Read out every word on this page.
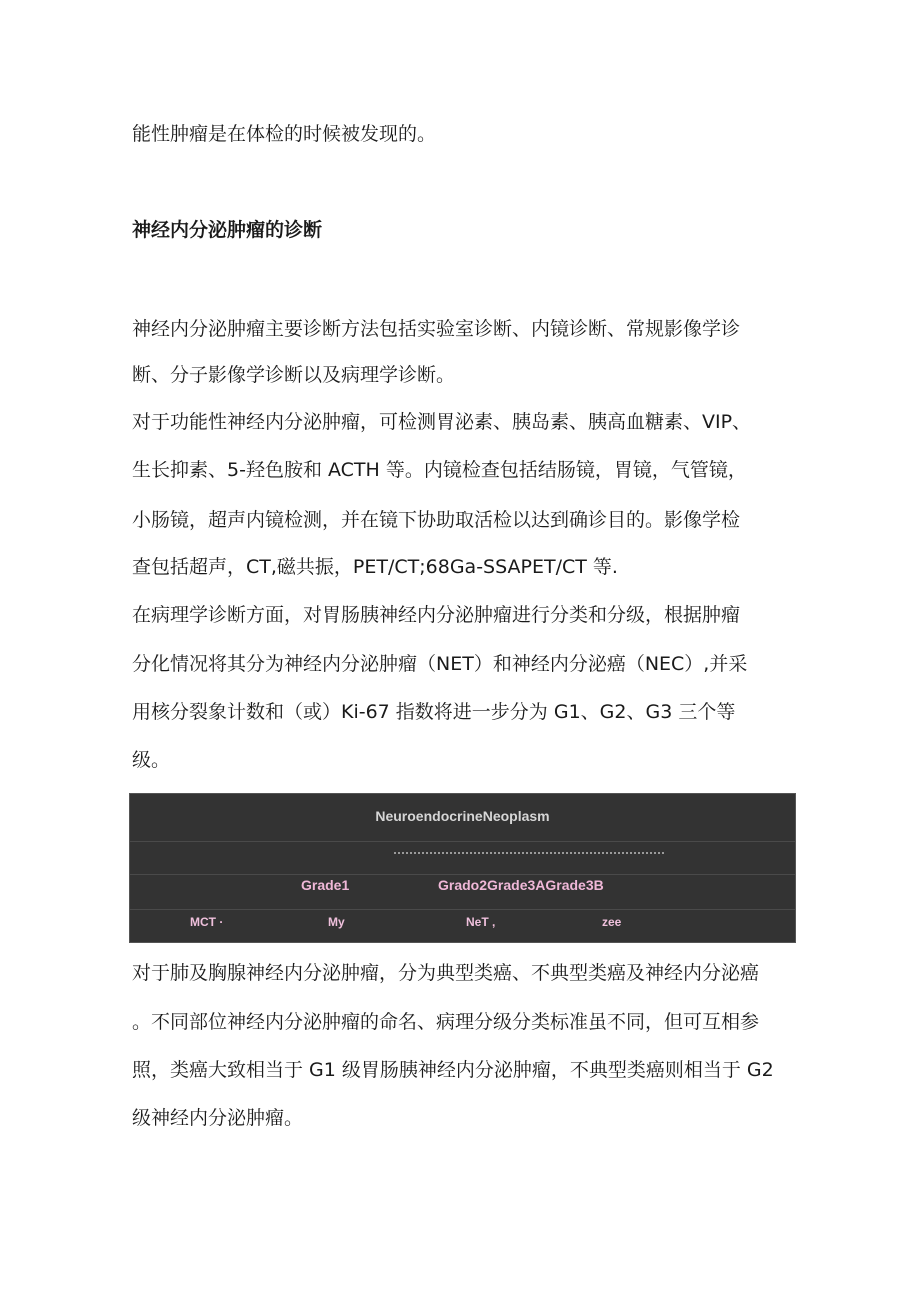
能性肿瘤是在体检的时候被发现的。

神经内分泌肿瘤的诊断

神经内分泌肿瘤主要诊断方法包括实验室诊断、内镜诊断、常规影像学诊

断、分子影像学诊断以及病理学诊断。

对于功能性神经内分泌肿瘤，可检测胃泌素、胰岛素、胰高血糖素、VIP、

生长抑素、5-羟色胺和 ACTH 等。内镜检查包括结肠镜，胃镜，气管镜，

小肠镜，超声内镜检测，并在镜下协助取活检以达到确诊目的。影像学检

查包括超声，CT,磁共振，PET/CT;68Ga-SSAPET/CT 等.

在病理学诊断方面，对胃肠胰神经内分泌肿瘤进行分类和分级，根据肿瘤

分化情况将其分为神经内分泌肿瘤（NET）和神经内分泌癌（NEC）,并采

用核分裂象计数和（或）Ki-67 指数将进一步分为 G1、G2、G3 三个等

级。

NeuroendocrineNeoplasm
Grade1	Grado2Grade3AGrade3B
MCT ·	My	NeT ,	zee

对于肺及胸腺神经内分泌肿瘤，分为典型类癌、不典型类癌及神经内分泌癌

。不同部位神经内分泌肿瘤的命名、病理分级分类标准虽不同，但可互相参

照，类癌大致相当于 G1 级胃肠胰神经内分泌肿瘤，不典型类癌则相当于 G2

级神经内分泌肿瘤。
